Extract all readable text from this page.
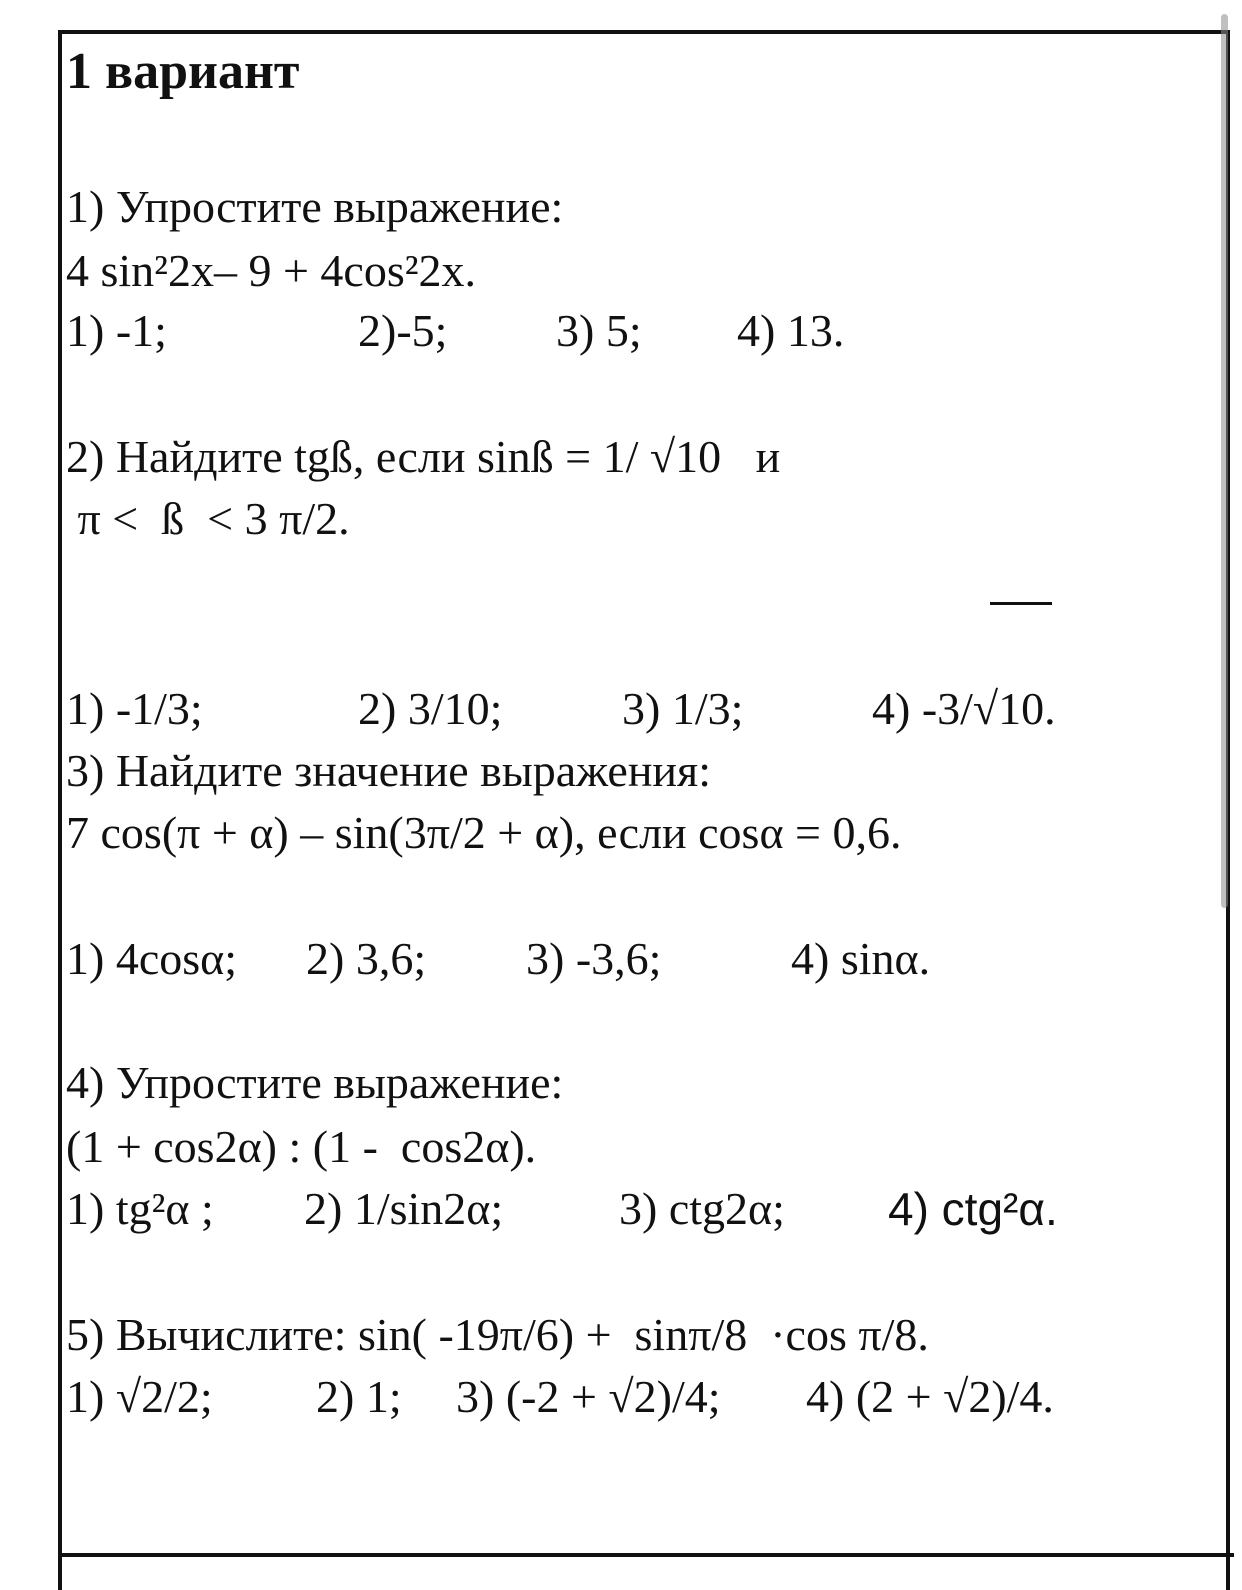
1 вариант
1) Упростите выражение:
4 sin²2x– 9 + 4cos²2x.
1) -1;	2)-5; 3) 5; 4) 13.
2) Найдите tgß, если sinß = 1/ √10   и
π <  ß  < 3 π/2.
1) -1/3;	2) 3/10;	3) 1/3;	4) -3/√10.
3) Найдите значение выражения:
7 cos(π + α) – sin(3π/2 + α), если cosα = 0,6.
1) 4cosα; 2) 3,6; 3) -3,6;	4) sinα.
4) Упростите выражение:
(1 + cos2α) : (1 -  cos2α).
1) tg²α ; 2) 1/sin2α;	3) ctg2α; 4) ctg²α.
5) Вычислите: sin( -19π/6) +  sinπ/8  ·cos π/8.
1) √2/2; 2) 1; 3) (-2 + √2)/4; 4) (2 + √2)/4.
